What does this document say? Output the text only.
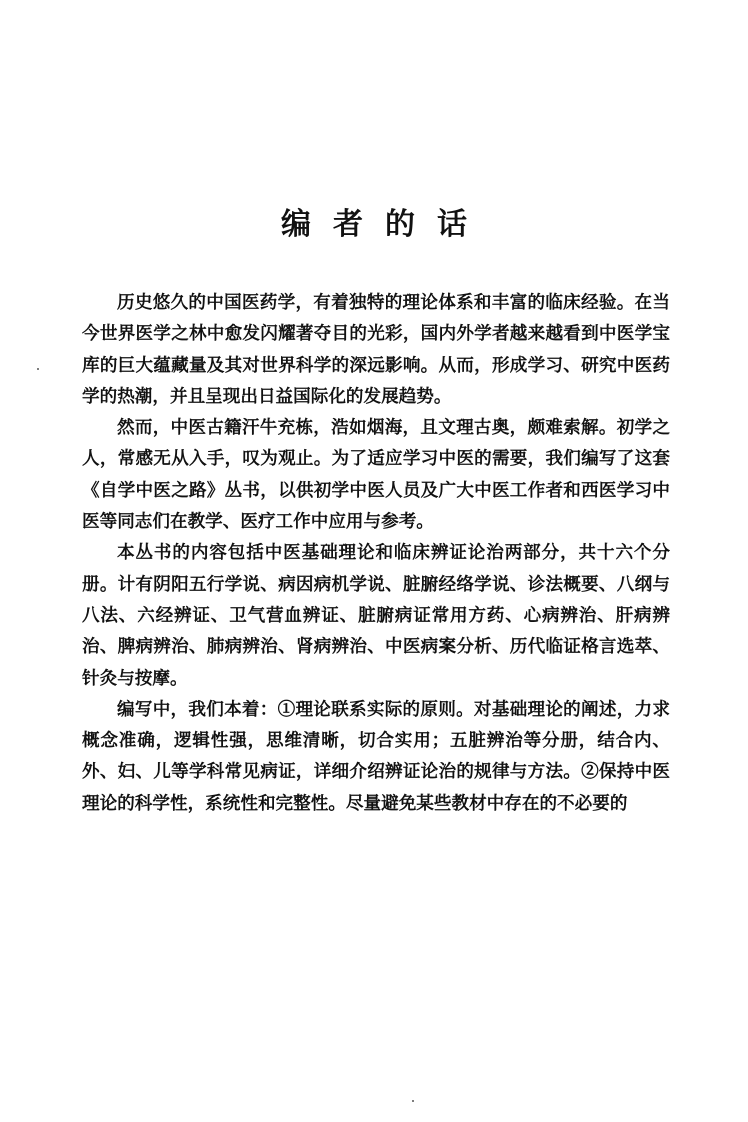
编者的话

历史悠久的中国医药学，有着独特的理论体系和丰富的临床经验。在当今世界医学之林中愈发闪耀著夺目的光彩，国内外学者越来越看到中医学宝库的巨大蕴藏量及其对世界科学的深远影响。从而，形成学习、研究中医药学的热潮，并且呈现出日益国际化的发展趋势。

然而，中医古籍汗牛充栋，浩如烟海，且文理古奥，颇难索解。初学之人，常感无从入手，叹为观止。为了适应学习中医的需要，我们编写了这套《自学中医之路》丛书，以供初学中医人员及广大中医工作者和西医学习中医等同志们在教学、医疗工作中应用与参考。

本丛书的内容包括中医基础理论和临床辨证论治两部分，共十六个分册。计有阴阳五行学说、病因病机学说、脏腑经络学说、诊法概要、八纲与八法、六经辨证、卫气营血辨证、脏腑病证常用方药、心病辨治、肝病辨治、脾病辨治、肺病辨治、肾病辨治、中医病案分析、历代临证格言选萃、针灸与按摩。

编写中，我们本着：①理论联系实际的原则。对基础理论的阐述，力求概念准确，逻辑性强，思维清晰，切合实用；五脏辨治等分册，结合内、外、妇、儿等学科常见病证，详细介绍辨证论治的规律与方法。②保持中医理论的科学性，系统性和完整性。尽量避免某些教材中存在的不必要的
